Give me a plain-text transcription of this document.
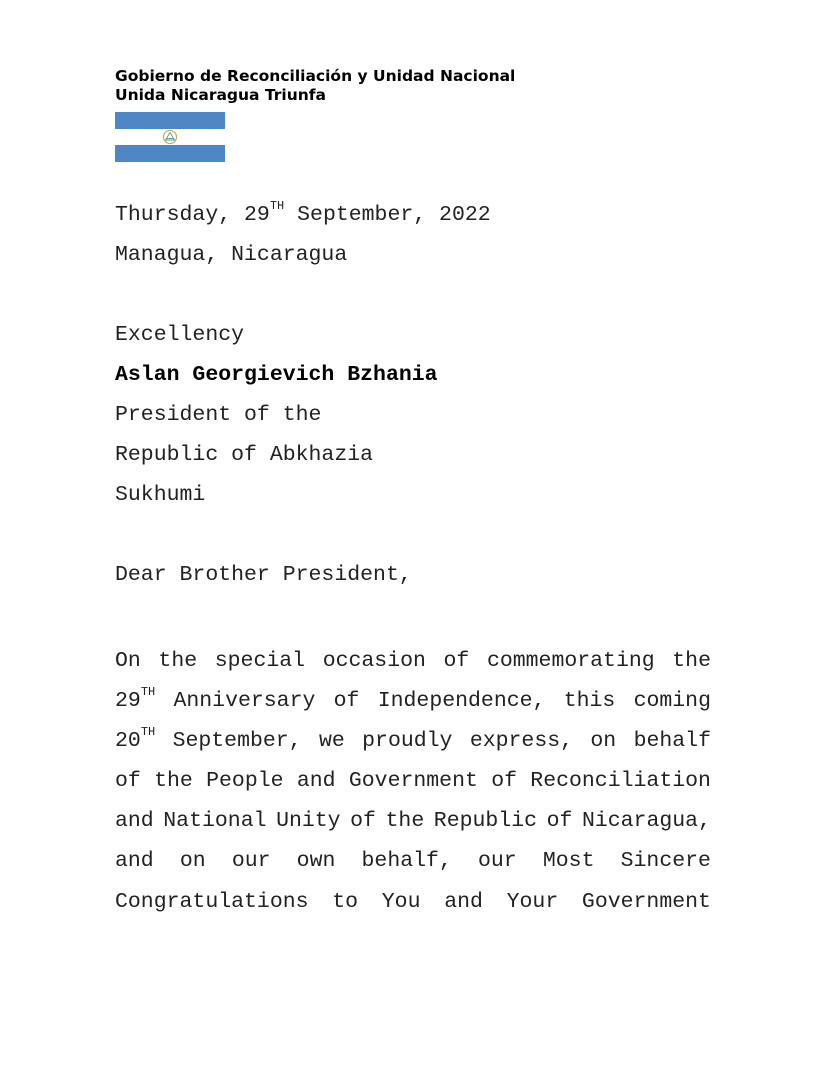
Gobierno de Reconciliación y Unidad Nacional
Unida Nicaragua Triunfa
Thursday, 29TH September, 2022
Managua, Nicaragua
Excellency
Aslan Georgievich Bzhania
President of the
Republic of Abkhazia
Sukhumi
Dear Brother President,
On the special occasion of commemorating the
29TH Anniversary of Independence, this coming
20TH September, we proudly express, on behalf
of the People and Government of Reconciliation
and National Unity of the Republic of Nicaragua,
and on our own behalf, our Most Sincere
Congratulations to You and Your Government
